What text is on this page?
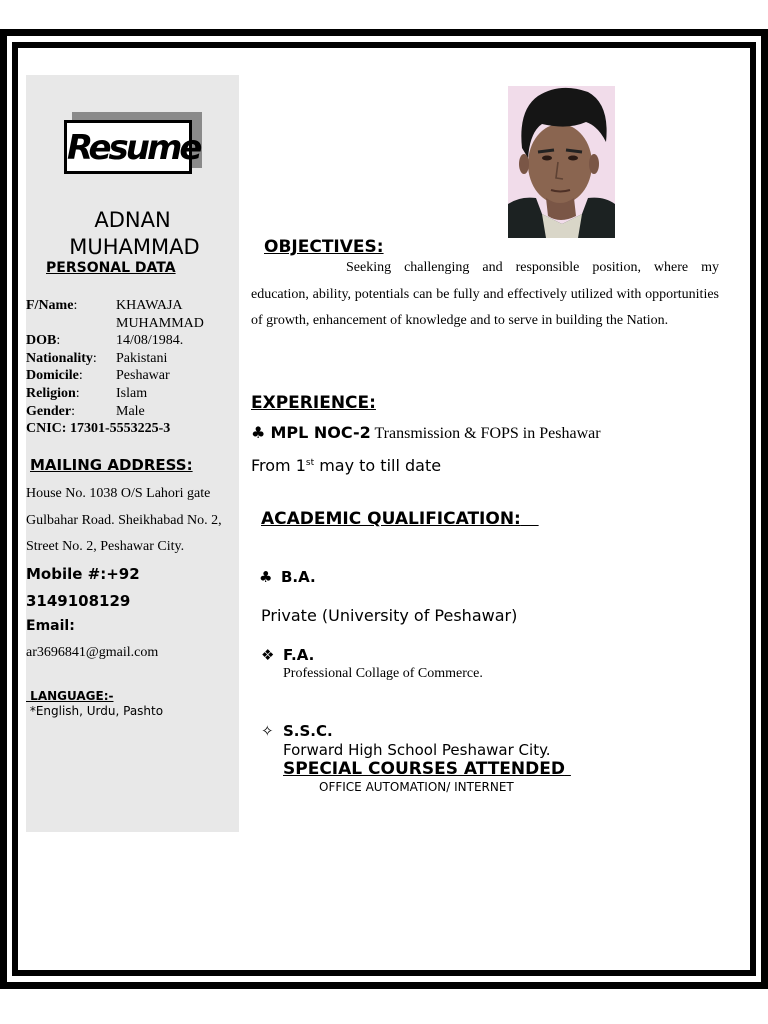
Resume
ADNAN
MUHAMMAD
PERSONAL DATA
F/Name:	KHAWAJA
	MUHAMMAD
DOB:	14/08/1984.
Nationality:	Pakistani
Domicile:	Peshawar
Religion:	Islam
Gender:	Male
CNIC: 17301-5553225-3
MAILING ADDRESS:
House No. 1038 O/S Lahori gate Gulbahar Road. Sheikhabad No. 2, Street No. 2, Peshawar City.
Mobile #:+92 3149108129
Email:
ar3696841@gmail.com
LANGUAGE:-
*English, Urdu, Pashto
OBJECTIVES:
Seeking challenging and responsible position, where my education, ability, potentials can be fully and effectively utilized with opportunities of growth, enhancement of knowledge and to serve in building the Nation.
EXPERIENCE:
♣ MPL NOC-2 Transmission & FOPS in Peshawar
From 1st may to till date
ACADEMIC QUALIFICATION:
♣ B.A.
Private (University of Peshawar)
❖ F.A.
Professional Collage of Commerce.
✧ S.S.C.
Forward High School Peshawar City.
SPECIAL COURSES ATTENDED
OFFICE AUTOMATION/ INTERNET
